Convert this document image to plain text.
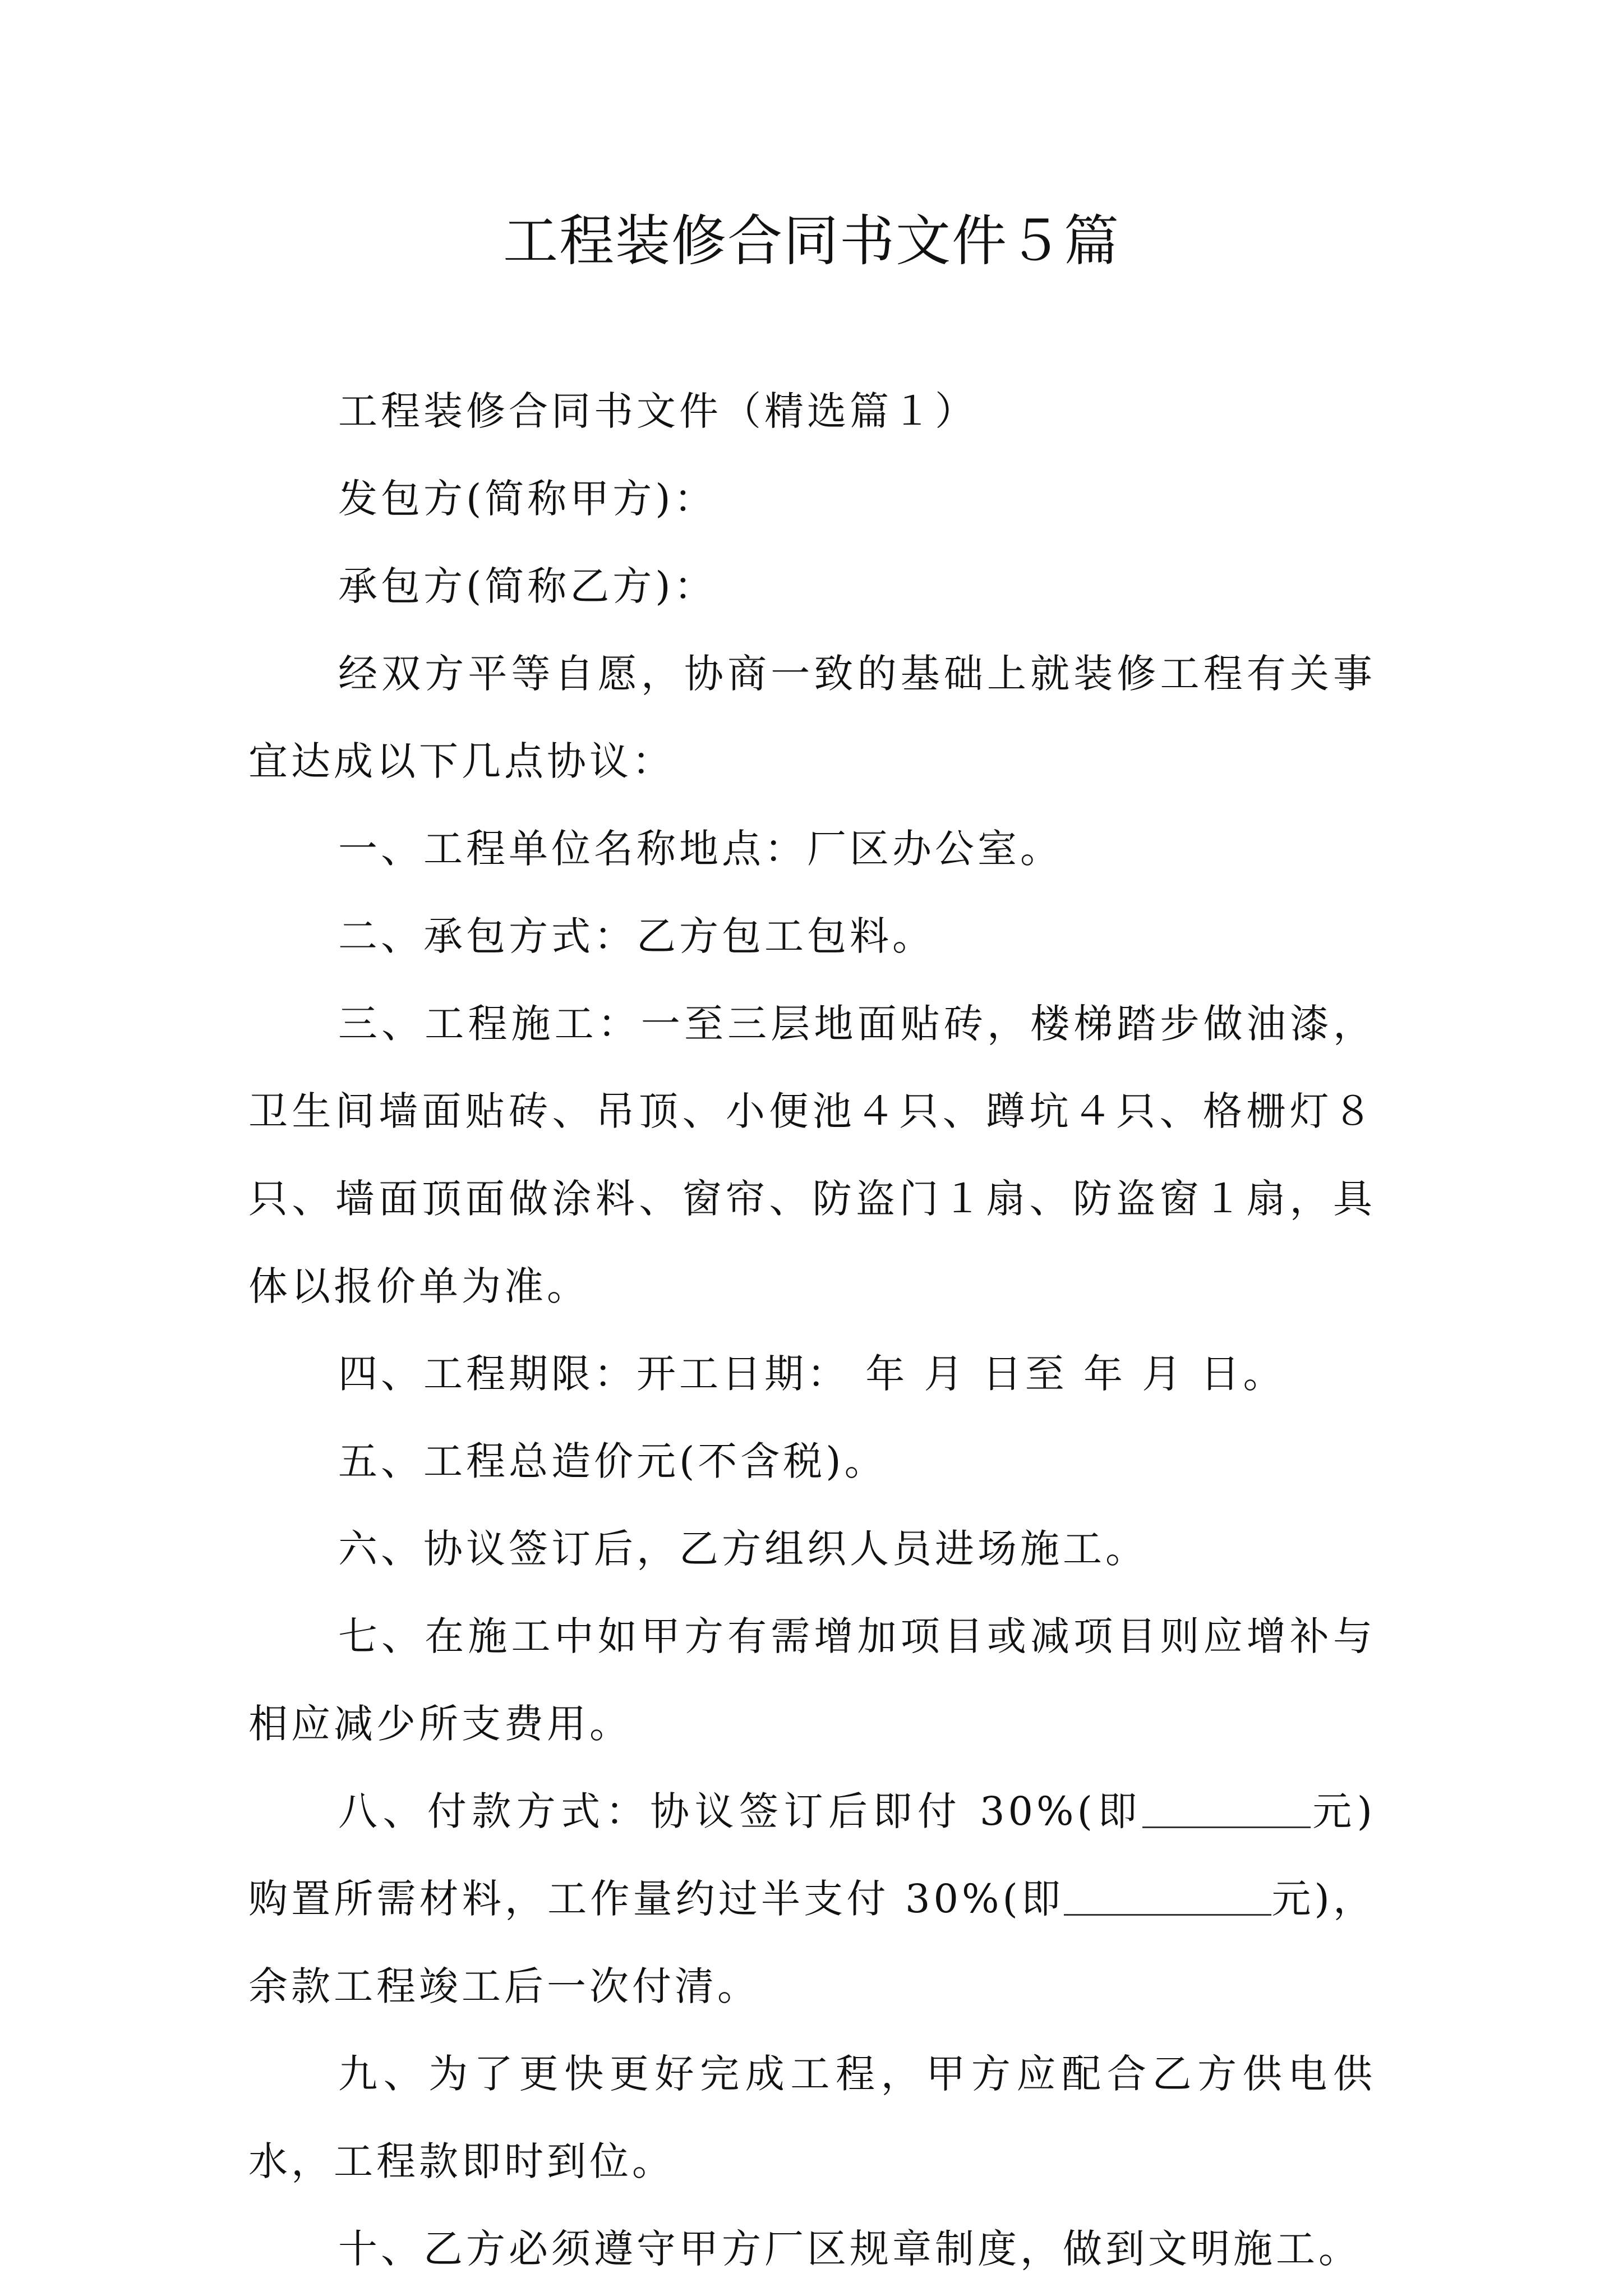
工程装修合同书文件５篇

工程装修合同书文件（精选篇１）

发包方(简称甲方)：

承包方(简称乙方)：

经双方平等自愿，协商一致的基础上就装修工程有关事宜达成以下几点协议：

一、工程单位名称地点：厂区办公室。

二、承包方式：乙方包工包料。

三、工程施工：一至三层地面贴砖，楼梯踏步做油漆，卫生间墙面贴砖、吊顶、小便池４只、蹲坑４只、格栅灯８只、墙面顶面做涂料、窗帘、防盗门１扇、防盗窗１扇，具体以报价单为准。

四、工程期限：开工日期： 年 月 日至 年 月 日。

五、工程总造价元(不含税)。

六、协议签订后，乙方组织人员进场施工。

七、在施工中如甲方有需增加项目或减项目则应增补与相应减少所支费用。

八、付款方式：协议签订后即付 30%(即	元)购置所需材料，工作量约过半支付 30%(即	元)，余款工程竣工后一次付清。

九、为了更快更好完成工程，甲方应配合乙方供电供水，工程款即时到位。

十、乙方必须遵守甲方厂区规章制度，做到文明施工。
